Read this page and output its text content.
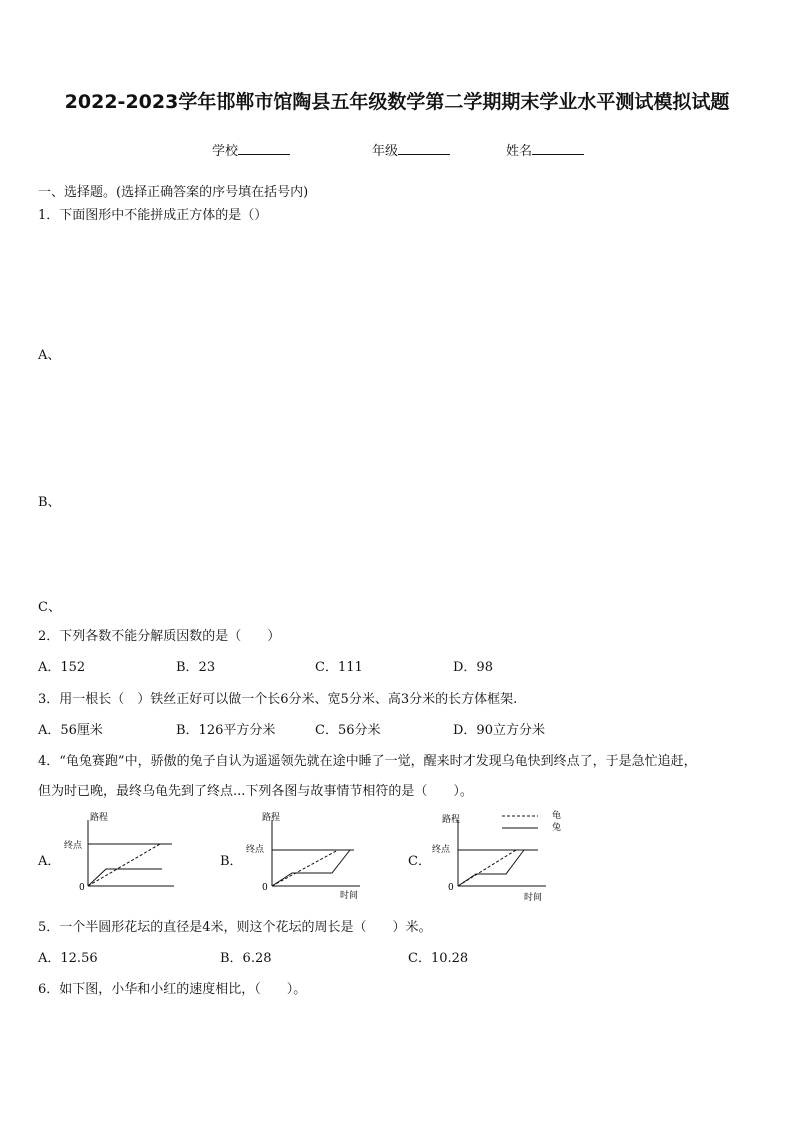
2022-2023学年邯郸市馆陶县五年级数学第二学期期末学业水平测试模拟试题
学校	年级	姓名
一、选择题。(选择正确答案的序号填在括号内)
1．下面图形中不能拼成正方体的是（）
A、
B、
C、
2．下列各数不能分解质因数的是（　　）
A．152	B．23	C．111	D．98
3．用一根长（　）铁丝正好可以做一个长6分米、宽5分米、高3分米的长方体框架.
A．56厘米	B．126平方分米	C．56分米	D．90立方分米
4．“龟兔赛跑”中，骄傲的兔子自认为遥遥领先就在途中睡了一觉，醒来时才发现乌龟快到终点了，于是急忙追赶，
但为时已晚，最终乌龟先到了终点...下列各图与故事情节相符的是（　　）。
A．	B．	C．
路程
终点
0
路程
终点
0
时间
路程
终点
0
时间
龟
兔
5．一个半圆形花坛的直径是4米，则这个花坛的周长是（　　）米。
A．12.56	B．6.28	C．10.28
6．如下图，小华和小红的速度相比，（　　）。
